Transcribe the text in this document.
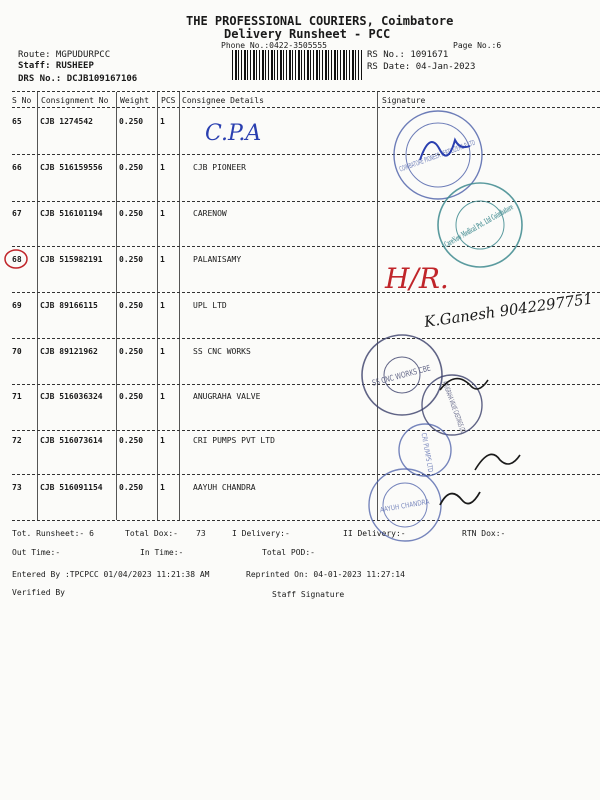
THE PROFESSIONAL COURIERS, Coimbatore
Delivery Runsheet - PCC
Phone No.:0422-3505555	Page No.:6
Route: MGPUDURPCC
Staff: RUSHEEP
DRS No.: DCJB109167106
RS No.: 1091671
RS Date: 04-Jan-2023
S No Consignment No Weight PCS Consignee Details	Signature
65 CJB 1274542	0.250 1
66 CJB 516159556 0.250 1	CJB PIONEER
67 CJB 516101194 0.250 1	CARENOW
68 CJB 515982191 0.250 1	PALANISAMY
69 CJB 89166115	0.250 1	UPL LTD
70 CJB 89121962	0.250 1	SS CNC WORKS
71 CJB 516036324 0.250 1	ANUGRAHA VALVE
72 CJB 516073614 0.250 1	CRI PUMPS PVT LTD
73 CJB 516091154 0.250 1	AAYUH CHANDRA
Tot. Runsheet:- 6	Total Dox:- 73	I Delivery:-	II Delivery:-	RTN Dox:-
Out Time:-	In Time:-	Total POD:-
Entered By :TPCPCC 01/04/2023 11:21:38 AM	Reprinted On: 04-01-2023 11:27:14
Verified By	Staff Signature
C.P.A	COIMBATORE PIONEER FERTILIZERS P. LTD
CareNow Medical Pvt. Ltd Coimbatore
H/R.
K.Ganesh 9042297751
SS CNC WORKS CBE
ANUGRAHA VALVE CASTINGS LTD
CRI PUMPS LTD
AAYUH CHANDRA
